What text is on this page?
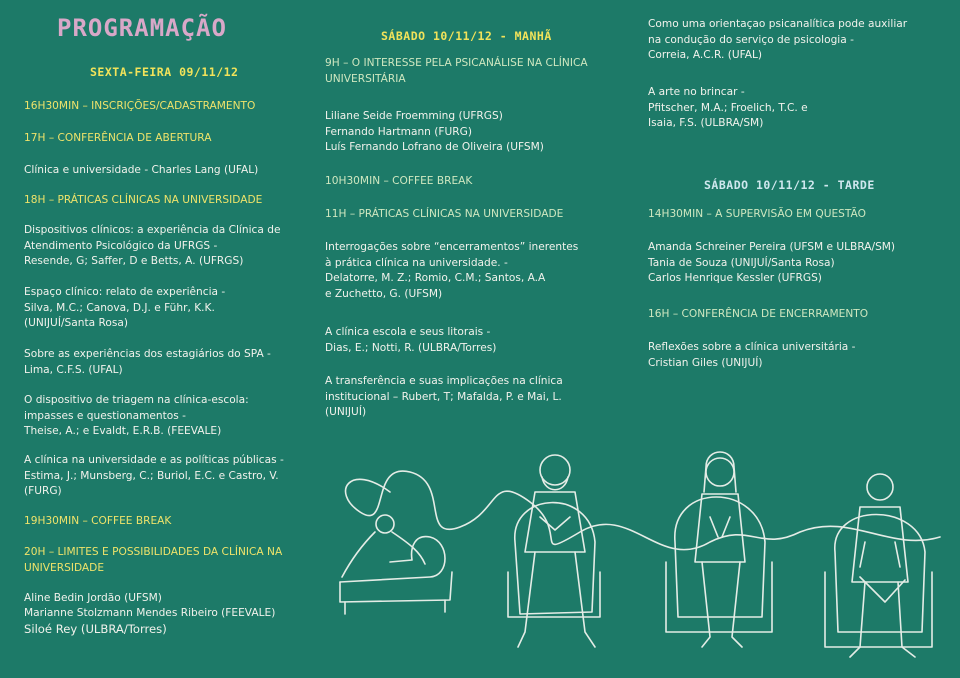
PROGRAMAÇÃO
SEXTA-FEIRA 09/11/12
16H30MIN – INSCRIÇÕES/CADASTRAMENTO
17H – CONFERÊNCIA DE ABERTURA
Clínica e universidade - Charles Lang (UFAL)
18H – PRÁTICAS CLÍNICAS NA UNIVERSIDADE
Dispositivos clínicos: a experiência da Clínica de
Atendimento Psicológico da UFRGS -
Resende, G; Saffer, D e Betts, A. (UFRGS)
Espaço clínico: relato de experiência -
Silva, M.C.; Canova, D.J. e Führ, K.K.
(UNIJUÍ/Santa Rosa)
Sobre as experiências dos estagiários do SPA -
Lima, C.F.S. (UFAL)
O dispositivo de triagem na clínica-escola:
impasses e questionamentos -
Theise, A.; e Evaldt, E.R.B. (FEEVALE)
A clínica na universidade e as políticas públicas -
Estima, J.; Munsberg, C.; Buriol, E.C. e Castro, V.
(FURG)
19H30MIN – COFFEE BREAK
20H – LIMITES E POSSIBILIDADES DA CLÍNICA NA
UNIVERSIDADE
Aline Bedin Jordão (UFSM)
Marianne Stolzmann Mendes Ribeiro (FEEVALE)
Siloé Rey (ULBRA/Torres)
SÁBADO 10/11/12 - MANHÃ
9H – O INTERESSE PELA PSICANÁLISE NA CLÍNICA
UNIVERSITÁRIA
Liliane Seide Froemming (UFRGS)
Fernando Hartmann (FURG)
Luís Fernando Lofrano de Oliveira (UFSM)
10H30MIN – COFFEE BREAK
11H – PRÁTICAS CLÍNICAS NA UNIVERSIDADE
Interrogações sobre “encerramentos” inerentes
à prática clínica na universidade. -
Delatorre, M. Z.; Romio, C.M.; Santos, A.A
e Zuchetto, G. (UFSM)
A clínica escola e seus litorais -
Dias, E.; Notti, R. (ULBRA/Torres)
A transferência e suas implicações na clínica
institucional – Rubert, T; Mafalda, P. e Mai, L.
(UNIJUÍ)
Como uma orientaçao psicanalítica pode auxiliar
na condução do serviço de psicologia -
Correia, A.C.R. (UFAL)
A arte no brincar -
Pfitscher, M.A.; Froelich, T.C. e
Isaia, F.S. (ULBRA/SM)
SÁBADO 10/11/12 - TARDE
14H30MIN – A SUPERVISÃO EM QUESTÃO
Amanda Schreiner Pereira (UFSM e ULBRA/SM)
Tania de Souza (UNIJUÍ/Santa Rosa)
Carlos Henrique Kessler (UFRGS)
16H – CONFERÊNCIA DE ENCERRAMENTO
Reflexões sobre a clínica universitária -
Cristian Giles (UNIJUÍ)
